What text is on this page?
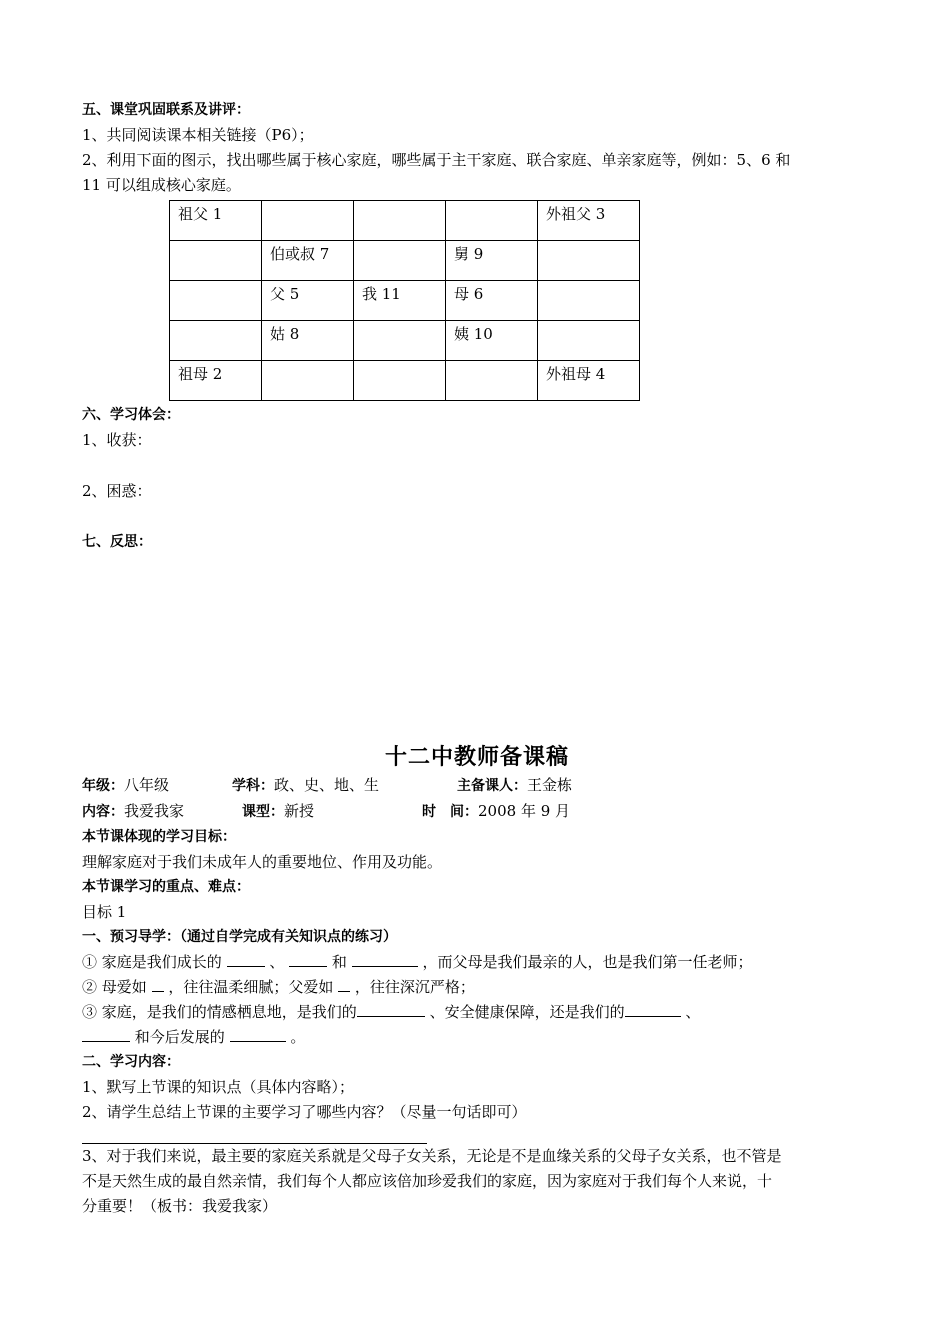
五、课堂巩固联系及讲评：

1、共同阅读课本相关链接（P6）；

2、利用下面的图示，找出哪些属于核心家庭，哪些属于主干家庭、联合家庭、单亲家庭等，例如：5、6 和

11 可以组成核心家庭。

祖父 1				外祖父 3
	伯或叔 7		舅 9	
	父 5	我 11	母 6	
	姑 8		姨 10	
祖母 2				外祖母 4

六、学习体会：

1、收获：

2、困惑：

七、反思：

十二中教师备课稿

年级：八年级	学科：政、史、地、生	主备课人：王金栋
内容：我爱我家	课型：新授	时　间：2008 年 9 月

本节课体现的学习目标：

理解家庭对于我们未成年人的重要地位、作用及功能。

本节课学习的重点、难点：

目标 1

一、预习导学：（通过自学完成有关知识点的练习）

① 家庭是我们成长的	、	和	，而父母是我们最亲的人，也是我们第一任老师；

② 母爱如 ，往往温柔细腻；父爱如 ，往往深沉严格；

③ 家庭，是我们的情感栖息地，是我们的	、安全健康保障，还是我们的	、

和今后发展的	。

二、学习内容：

1、默写上节课的知识点（具体内容略）；

2、请学生总结上节课的主要学习了哪些内容？（尽量一句话即可）

3、对于我们来说，最主要的家庭关系就是父母子女关系，无论是不是血缘关系的父母子女关系，也不管是

不是天然生成的最自然亲情，我们每个人都应该倍加珍爱我们的家庭，因为家庭对于我们每个人来说，十

分重要！（板书：我爱我家）
